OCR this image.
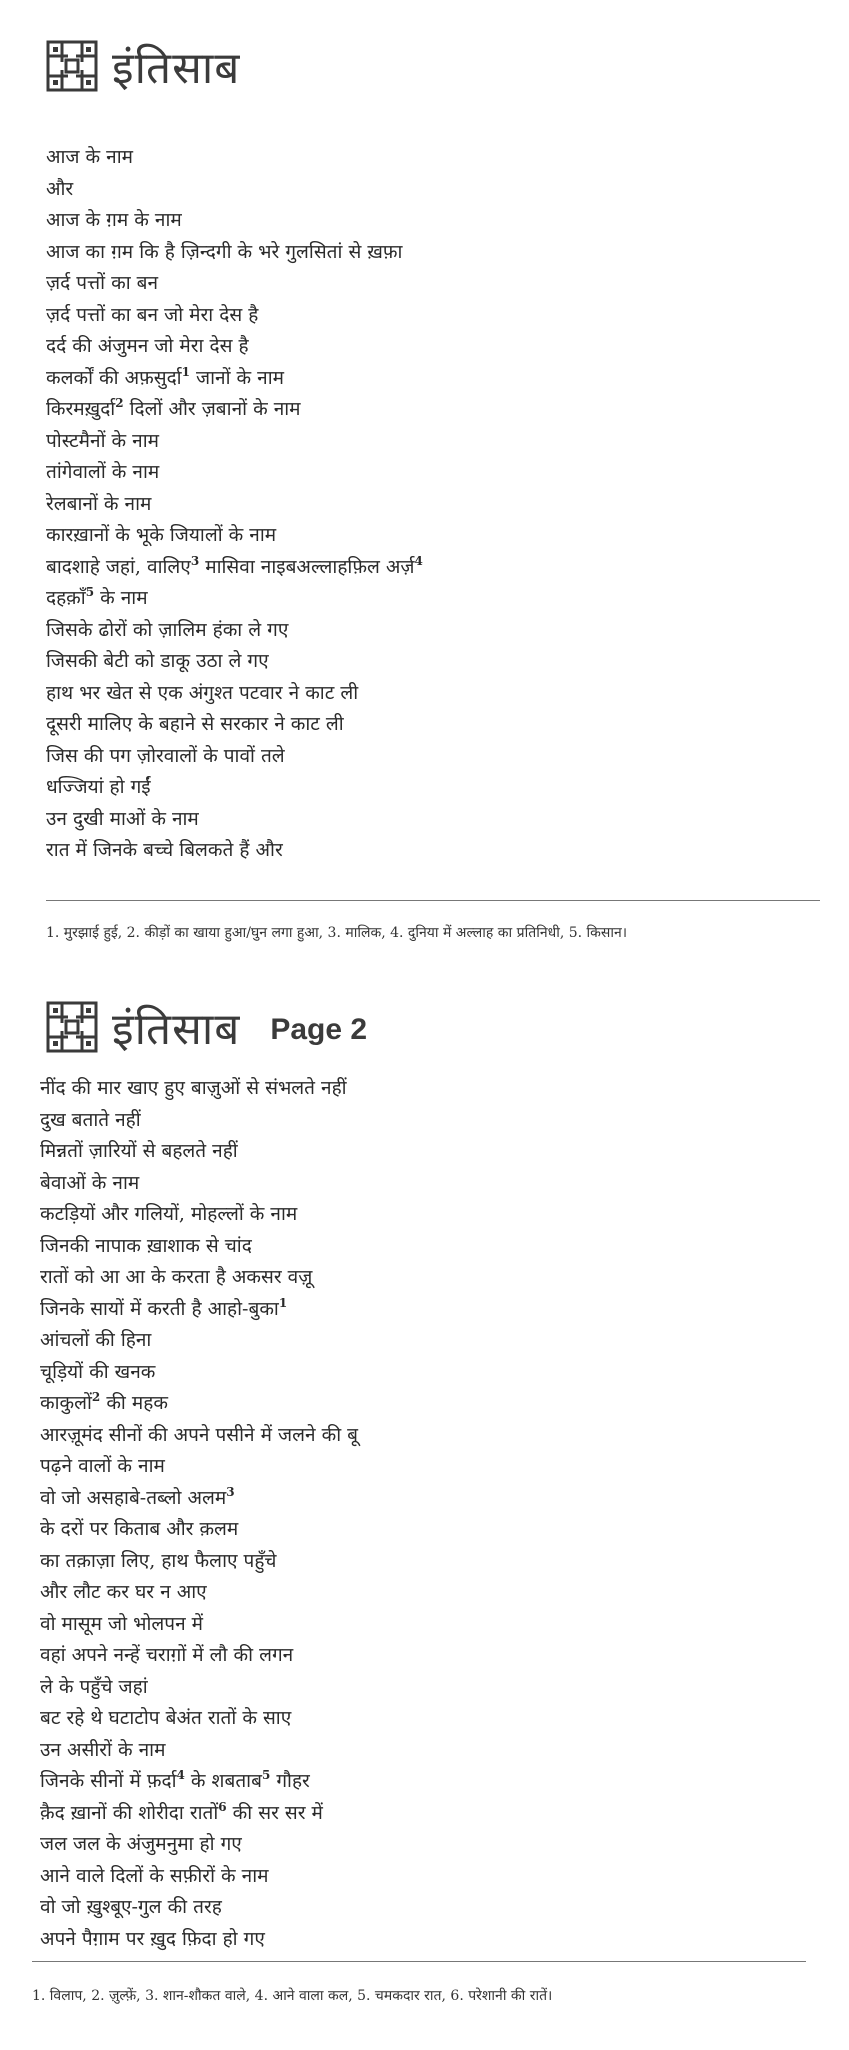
इंतिसाब
आज के नाम
और
आज के ग़म के नाम
आज का ग़म कि है ज़िन्दगी के भरे गुलसितां से ख़फ़ा
ज़र्द पत्तों का बन
ज़र्द पत्तों का बन जो मेरा देस है
दर्द की अंजुमन जो मेरा देस है
कलर्कों की अफ़सुर्दा$^1$ जानों के नाम
किरमख़ुर्दा$^2$ दिलों और ज़बानों के नाम
पोस्टमैनों के नाम
तांगेवालों के नाम
रेलबानों के नाम
कारख़ानों के भूके जियालों के नाम
बादशाहे जहां, वालिए$^3$ मासिवा नाइबअल्लाहफ़िल अर्ज़$^4$
दहक़ाँ$^5$ के नाम
जिसके ढोरों को ज़ालिम हंका ले गए
जिसकी बेटी को डाकू उठा ले गए
हाथ भर खेत से एक अंगुश्त पटवार ने काट ली
दूसरी मालिए के बहाने से सरकार ने काट ली
जिस की पग ज़ोरवालों के पावों तले
धज्जियां हो गईं
उन दुखी माओं के नाम
रात में जिनके बच्चे बिलकते हैं और
1. मुरझाई हुई, 2. कीड़ों का खाया हुआ/घुन लगा हुआ, 3. मालिक, 4. दुनिया में अल्लाह का प्रतिनिधी, 5. किसान।
इंतिसाब Page 2
नींद की मार खाए हुए बाज़ुओं से संभलते नहीं
दुख बताते नहीं
मिन्नतों ज़ारियों से बहलते नहीं
बेवाओं के नाम
कटड़ियों और गलियों, मोहल्लों के नाम
जिनकी नापाक ख़ाशाक से चांद
रातों को आ आ के करता है अकसर वज़ू
जिनके सायों में करती है आहो-बुका$^1$
आंचलों की हिना
चूड़ियों की खनक
काकुलों$^2$ की महक
आरज़ूमंद सीनों की अपने पसीने में जलने की बू
पढ़ने वालों के नाम
वो जो असहाबे-तब्लो अलम$^3$
के दरों पर किताब और क़लम
का तक़ाज़ा लिए, हाथ फैलाए पहुँचे
और लौट कर घर न आए
वो मासूम जो भोलपन में
वहां अपने नन्हें चराग़ों में लौ की लगन
ले के पहुँचे जहां
बट रहे थे घटाटोप बेअंत रातों के साए
उन असीरों के नाम
जिनके सीनों में फ़र्दा$^4$ के शबताब$^5$ गौहर
क़ैद ख़ानों की शोरीदा रातों$^6$ की सर सर में
जल जल के अंजुमनुमा हो गए
आने वाले दिलों के सफ़ीरों के नाम
वो जो ख़ुश्बूए-गुल की तरह
अपने पैग़ाम पर ख़ुद फ़िदा हो गए
1. विलाप, 2. ज़ुल्फ़ें, 3. शान-शौकत वाले, 4. आने वाला कल, 5. चमकदार रात, 6. परेशानी की रातें।
